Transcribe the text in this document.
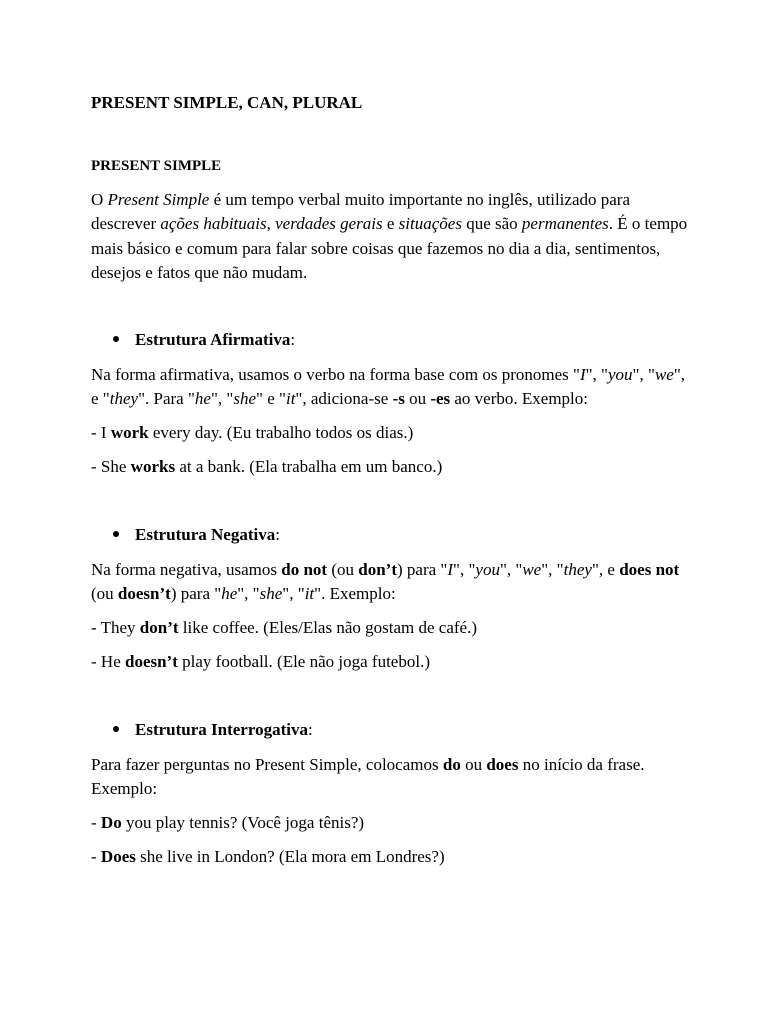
PRESENT SIMPLE, CAN, PLURAL
PRESENT SIMPLE

O Present Simple é um tempo verbal muito importante no inglês, utilizado para descrever ações habituais, verdades gerais e situações que são permanentes. É o tempo mais básico e comum para falar sobre coisas que fazemos no dia a dia, sentimentos, desejos e fatos que não mudam.

Estrutura Afirmativa:

Na forma afirmativa, usamos o verbo na forma base com os pronomes "I", "you", "we", e "they". Para "he", "she" e "it", adiciona-se -s ou -es ao verbo. Exemplo:

- I work every day. (Eu trabalho todos os dias.)

- She works at a bank. (Ela trabalha em um banco.)

Estrutura Negativa:

Na forma negativa, usamos do not (ou don’t) para "I", "you", "we", "they", e does not (ou doesn’t) para "he", "she", "it". Exemplo:

- They don’t like coffee. (Eles/Elas não gostam de café.)

- He doesn’t play football. (Ele não joga futebol.)

Estrutura Interrogativa:

Para fazer perguntas no Present Simple, colocamos do ou does no início da frase. Exemplo:

- Do you play tennis? (Você joga tênis?)

- Does she live in London? (Ela mora em Londres?)
